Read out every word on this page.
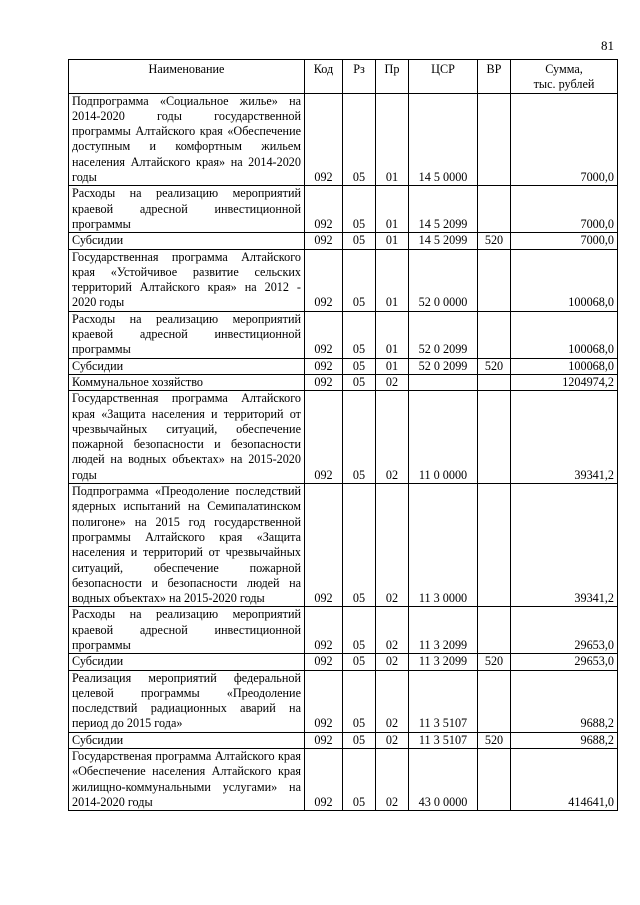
81
Наименование	Код	Рз	Пр	ЦСР	ВР	Сумма,
тыс. рублей

Подпрограмма «Социальное жилье» на 2014-2020 годы государственной программы Алтайского края «Обеспечение доступным и комфортным жильем населения Алтайского края» на 2014-2020 годы	092	05	01	14 5 0000		7000,0
Расходы на реализацию мероприятий краевой адресной инвестиционной программы	092	05	01	14 5 2099		7000,0
Субсидии	092	05	01	14 5 2099	520	7000,0
Государственная программа Алтайского края «Устойчивое развитие сельских территорий Алтайского края» на 2012 - 2020 годы	092	05	01	52 0 0000		100068,0
Расходы на реализацию мероприятий краевой адресной инвестиционной программы	092	05	01	52 0 2099		100068,0
Субсидии	092	05	01	52 0 2099	520	100068,0
Коммунальное хозяйство	092	05	02			1204974,2
Государственная программа Алтайского края «Защита населения и территорий от чрезвычайных ситуаций, обеспечение пожарной безопасности и безопасности людей на водных объектах» на 2015-2020 годы	092	05	02	11 0 0000		39341,2
Подпрограмма «Преодоление последствий ядерных испытаний на Семипалатинском полигоне» на 2015 год государственной программы Алтайского края «Защита населения и территорий от чрезвычайных ситуаций, обеспечение пожарной безопасности и безопасности людей на водных объектах» на 2015-2020 годы	092	05	02	11 3 0000		39341,2
Расходы на реализацию мероприятий краевой адресной инвестиционной программы	092	05	02	11 3 2099		29653,0
Субсидии	092	05	02	11 3 2099	520	29653,0
Реализация мероприятий федеральной целевой программы «Преодоление последствий радиационных аварий на период до 2015 года»	092	05	02	11 3 5107		9688,2
Субсидии	092	05	02	11 3 5107	520	9688,2
Государственая программа Алтайского края «Обеспечение населения Алтайского края жилищно-коммунальными услугами» на 2014-2020 годы	092	05	02	43 0 0000		414641,0
